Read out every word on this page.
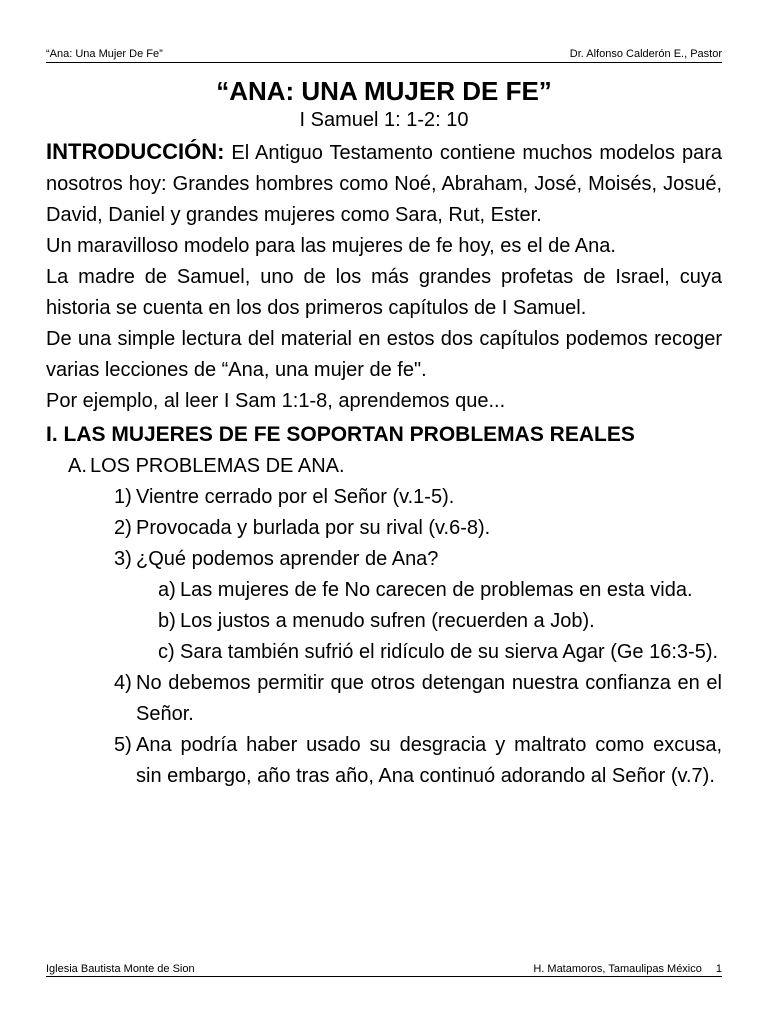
“Ana: Una Mujer De Fe”	Dr. Alfonso Calderón E., Pastor

“ANA: UNA MUJER DE FE”

I Samuel 1: 1-2: 10

INTRODUCCIÓN: El Antiguo Testamento contiene muchos modelos para nosotros hoy: Grandes hombres como Noé, Abraham, José, Moisés, Josué, David, Daniel y grandes mujeres como Sara, Rut, Ester.

Un maravilloso modelo para las mujeres de fe hoy, es el de Ana.

La madre de Samuel, uno de los más grandes profetas de Israel, cuya historia se cuenta en los dos primeros capítulos de I Samuel.

De una simple lectura del material en estos dos capítulos podemos recoger varias lecciones de “Ana, una mujer de fe".

Por ejemplo, al leer I Sam 1:1-8, aprendemos que...

I. LAS MUJERES DE FE SOPORTAN PROBLEMAS REALES

A. LOS PROBLEMAS DE ANA.
1) Vientre cerrado por el Señor (v.1-5).
2) Provocada y burlada por su rival (v.6-8).
3) ¿Qué podemos aprender de Ana?
a) Las mujeres de fe No carecen de problemas en esta vida.
b) Los justos a menudo sufren (recuerden a Job).
c) Sara también sufrió el ridículo de su sierva Agar (Ge 16:3-5).
4) No debemos permitir que otros detengan nuestra confianza en el Señor.
5) Ana podría haber usado su desgracia y maltrato como excusa, sin embargo, año tras año, Ana continuó adorando al Señor (v.7).
Iglesia Bautista Monte de Sion	H. Matamoros, Tamaulipas México 1
